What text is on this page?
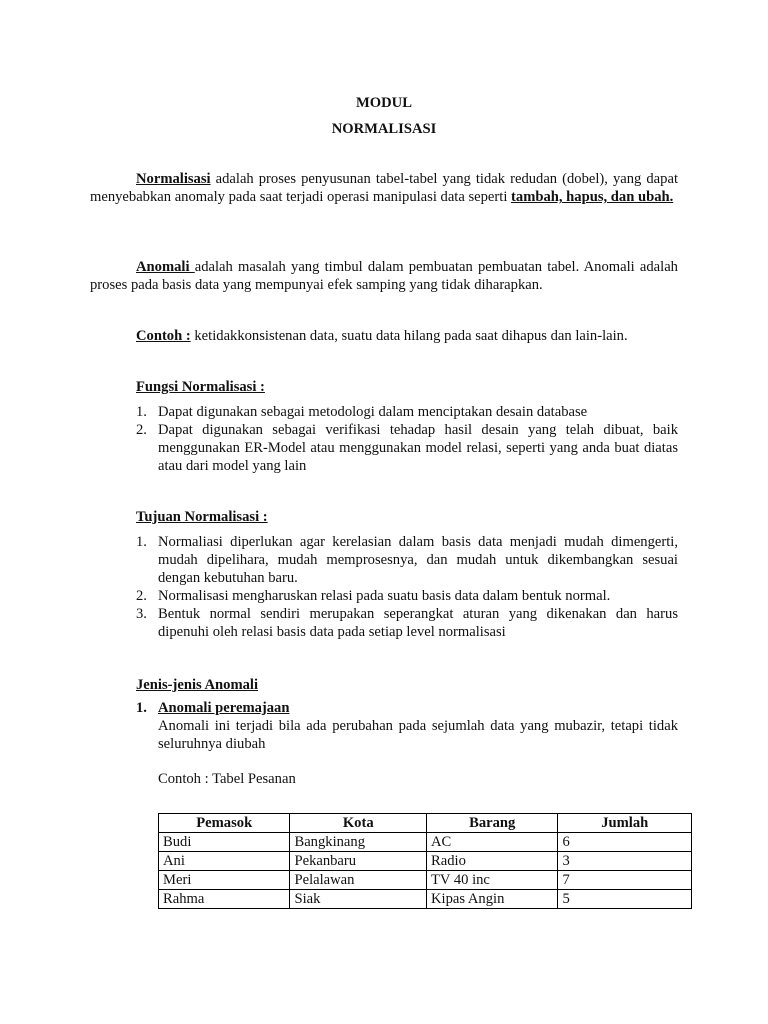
MODUL

NORMALISASI

Normalisasi adalah proses penyusunan tabel-tabel yang tidak redudan (dobel), yang dapat menyebabkan anomaly pada saat terjadi operasi manipulasi data seperti tambah, hapus, dan ubah.

Anomali adalah masalah yang timbul dalam pembuatan pembuatan tabel. Anomali adalah proses pada basis data yang mempunyai efek samping yang tidak diharapkan.

Contoh : ketidakkonsistenan data, suatu data hilang pada saat dihapus dan lain-lain.

Fungsi Normalisasi :

1. Dapat digunakan sebagai metodologi dalam menciptakan desain database
2. Dapat digunakan sebagai verifikasi tehadap hasil desain yang telah dibuat, baik menggunakan ER-Model atau menggunakan model relasi, seperti yang anda buat diatas atau dari model yang lain

Tujuan Normalisasi :

1. Normaliasi diperlukan agar kerelasian dalam basis data menjadi mudah dimengerti, mudah dipelihara, mudah memprosesnya, dan mudah untuk dikembangkan sesuai dengan kebutuhan baru.
2. Normalisasi mengharuskan relasi pada suatu basis data dalam bentuk normal.
3. Bentuk normal sendiri merupakan seperangkat aturan yang dikenakan dan harus dipenuhi oleh relasi basis data pada setiap level normalisasi

Jenis-jenis Anomali

1. Anomali peremajaan
Anomali ini terjadi bila ada perubahan pada sejumlah data yang mubazir, tetapi tidak seluruhnya diubah

Contoh : Tabel Pesanan

Pemasok	Kota	Barang	Jumlah
Budi	Bangkinang	AC	6
Ani	Pekanbaru	Radio	3
Meri	Pelalawan	TV 40 inc	7
Rahma	Siak	Kipas Angin	5
